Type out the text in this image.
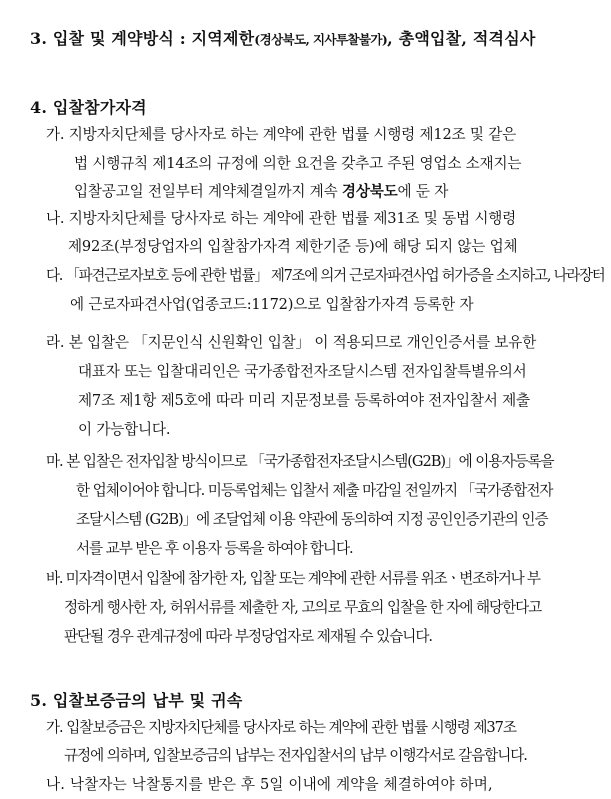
3. 입찰 및 계약방식 : 지역제한(경상북도, 지사투찰불가), 총액입찰, 적격심사
4. 입찰참가자격
가. 지방자치단체를 당사자로 하는 계약에 관한 법률 시행령 제12조 및 같은
법 시행규칙 제14조의 규정에 의한 요건을 갖추고 주된 영업소 소재지는
입찰공고일 전일부터 계약체결일까지 계속 경상북도에 둔 자
나. 지방자치단체를 당사자로 하는 계약에 관한 법률 제31조 및 동법 시행령
제92조(부정당업자의 입찰참가자격 제한기준 등)에 해당 되지 않는 업체
다. 「파견근로자보호 등에 관한 법률」 제7조에 의거 근로자파견사업 허가증을 소지하고, 나라장터
에 근로자파견사업(업종코드:1172)으로 입찰참가자격 등록한 자
라. 본 입찰은 「지문인식 신원확인 입찰」 이 적용되므로 개인인증서를 보유한
대표자 또는 입찰대리인은 국가종합전자조달시스템 전자입찰특별유의서
제7조 제1항 제5호에 따라 미리 지문정보를 등록하여야 전자입찰서 제출
이 가능합니다.
마. 본 입찰은 전자입찰 방식이므로 「국가종합전자조달시스템(G2B)」에 이용자등록을
한 업체이어야 합니다. 미등록업체는 입찰서 제출 마감일 전일까지 「국가종합전자
조달시스템 (G2B)」에 조달업체 이용 약관에 동의하여 지정 공인인증기관의 인증
서를 교부 받은 후 이용자 등록을 하여야 합니다.
바. 미자격이면서 입찰에 참가한 자, 입찰 또는 계약에 관한 서류를 위조ㆍ변조하거나 부
정하게 행사한 자, 허위서류를 제출한 자, 고의로 무효의 입찰을 한 자에 해당한다고
판단될 경우 관계규정에 따라 부정당업자로 제재될 수 있습니다.
5. 입찰보증금의 납부 및 귀속
가. 입찰보증금은 지방자치단체를 당사자로 하는 계약에 관한 법률 시행령 제37조
규정에 의하며, 입찰보증금의 납부는 전자입찰서의 납부 이행각서로 갈음합니다.
나. 낙찰자는 낙찰통지를 받은 후 5일 이내에 계약을 체결하여야 하며,
